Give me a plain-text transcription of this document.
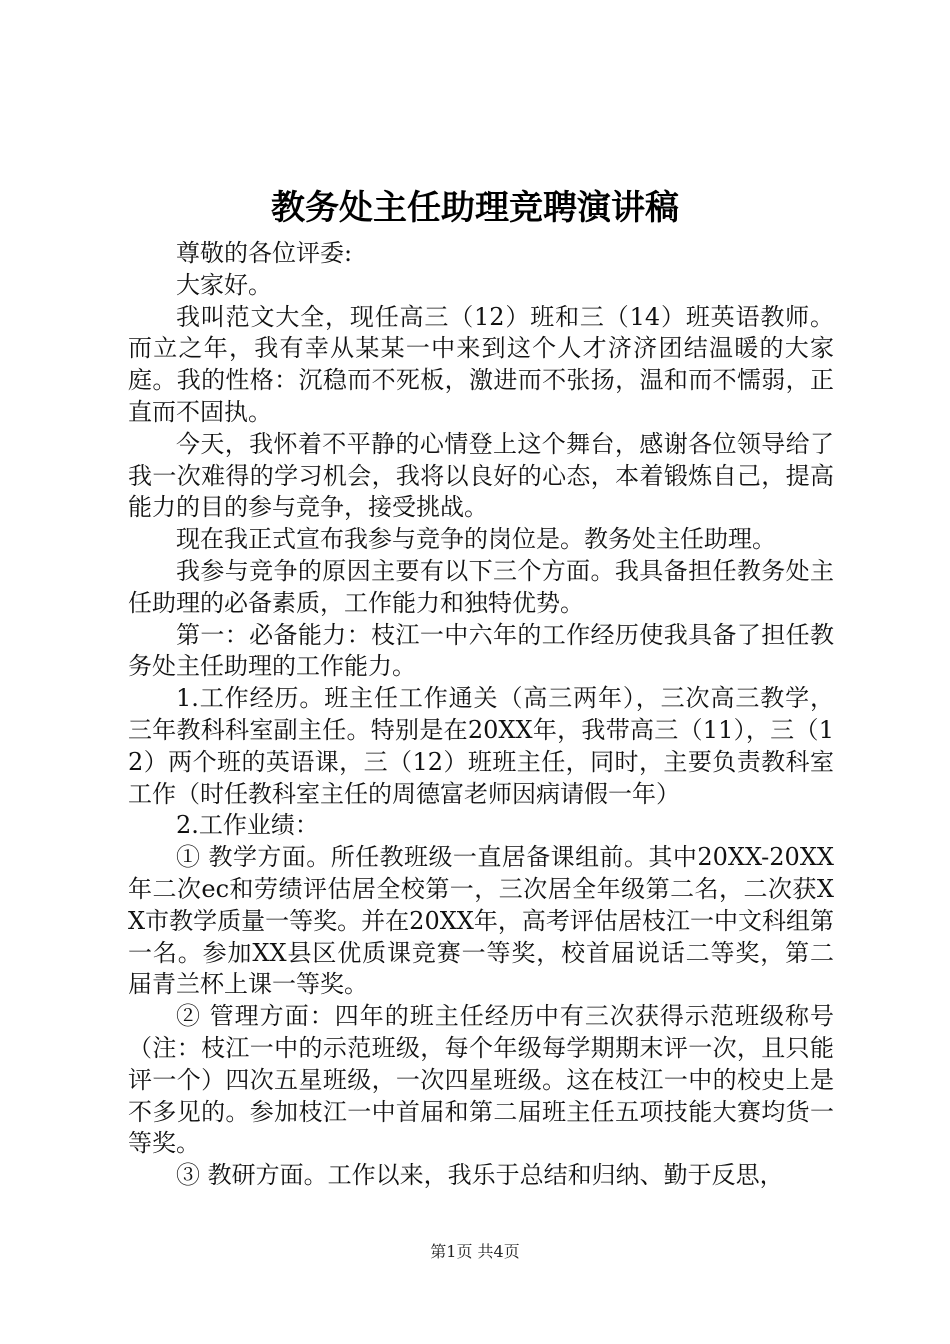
教务处主任助理竞聘演讲稿

尊敬的各位评委:

大家好。

我叫范文大全，现任高三（12）班和三（14）班英语教师。而立之年，我有幸从某某一中来到这个人才济济团结温暖的大家庭。我的性格：沉稳而不死板，激进而不张扬，温和而不懦弱，正直而不固执。

今天，我怀着不平静的心情登上这个舞台，感谢各位领导给了我一次难得的学习机会，我将以良好的心态，本着锻炼自己，提高能力的目的参与竞争，接受挑战。

现在我正式宣布我参与竞争的岗位是。教务处主任助理。

我参与竞争的原因主要有以下三个方面。我具备担任教务处主任助理的必备素质，工作能力和独特优势。

第一：必备能力：枝江一中六年的工作经历使我具备了担任教务处主任助理的工作能力。

1.工作经历。班主任工作通关（高三两年），三次高三教学，三年教科科室副主任。特别是在20XX年，我带高三（11），三（12）两个班的英语课，三（12）班班主任，同时，主要负责教科室工作（时任教科室主任的周德富老师因病请假一年）

2.工作业绩：

① 教学方面。所任教班级一直居备课组前。其中20XX-20XX年二次ec和劳绩评估居全校第一，三次居全年级第二名，二次获XX市教学质量一等奖。并在20XX年，高考评估居枝江一中文科组第一名。参加XX县区优质课竞赛一等奖，校首届说话二等奖，第二届青兰杯上课一等奖。

② 管理方面：四年的班主任经历中有三次获得示范班级称号（注：枝江一中的示范班级，每个年级每学期期末评一次，且只能评一个）四次五星班级，一次四星班级。这在枝江一中的校史上是不多见的。参加枝江一中首届和第二届班主任五项技能大赛均货一等奖。

③ 教研方面。工作以来，我乐于总结和归纳、勤于反思，

第1页 共4页
